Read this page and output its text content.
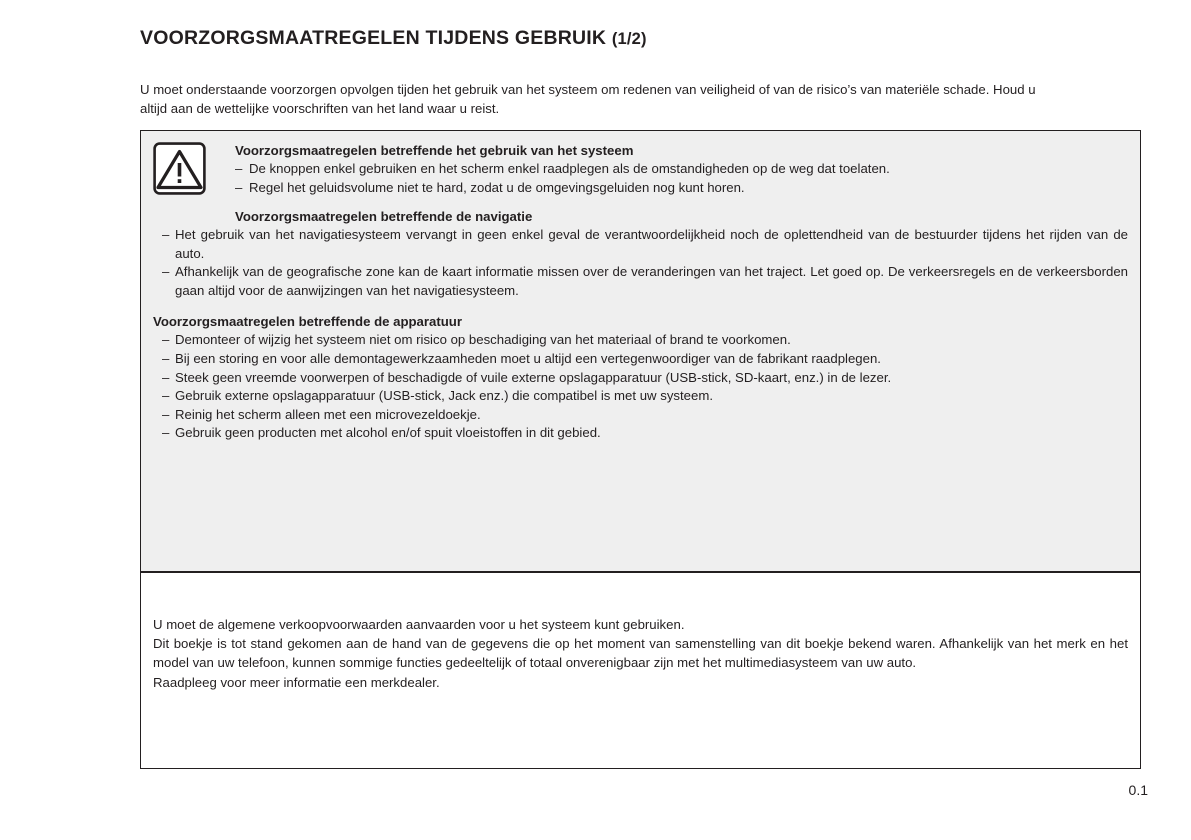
VOORZORGSMAATREGELEN TIJDENS GEBRUIK (1/2)

U moet onderstaande voorzorgen opvolgen tijden het gebruik van het systeem om redenen van veiligheid of van de risico’s van materiële schade. Houd u altijd aan de wettelijke voorschriften van het land waar u reist.

Voorzorgsmaatregelen betreffende het gebruik van het systeem
– De knoppen enkel gebruiken en het scherm enkel raadplegen als de omstandigheden op de weg dat toelaten.
– Regel het geluidsvolume niet te hard, zodat u de omgevingsgeluiden nog kunt horen.
Voorzorgsmaatregelen betreffende de navigatie
– Het gebruik van het navigatiesysteem vervangt in geen enkel geval de verantwoordelijkheid noch de oplettendheid van de bestuurder tijdens het rijden van de auto.
– Afhankelijk van de geografische zone kan de kaart informatie missen over de veranderingen van het traject. Let goed op. De verkeersregels en de verkeersborden gaan altijd voor de aanwijzingen van het navigatiesysteem.
Voorzorgsmaatregelen betreffende de apparatuur
– Demonteer of wijzig het systeem niet om risico op beschadiging van het materiaal of brand te voorkomen.
– Bij een storing en voor alle demontagewerkzaamheden moet u altijd een vertegenwoordiger van de fabrikant raadplegen.
– Steek geen vreemde voorwerpen of beschadigde of vuile externe opslagapparatuur (USB-stick, SD-kaart, enz.) in de lezer.
– Gebruik externe opslagapparatuur (USB-stick, Jack enz.) die compatibel is met uw systeem.
– Reinig het scherm alleen met een microvezeldoekje.
– Gebruik geen producten met alcohol en/of spuit vloeistoffen in dit gebied.

U moet de algemene verkoopvoorwaarden aanvaarden voor u het systeem kunt gebruiken.

Dit boekje is tot stand gekomen aan de hand van de gegevens die op het moment van samenstelling van dit boekje bekend waren. Afhankelijk van het merk en het model van uw telefoon, kunnen sommige functies gedeeltelijk of totaal onverenigbaar zijn met het multimediasysteem van uw auto.

Raadpleeg voor meer informatie een merkdealer.

0.1
